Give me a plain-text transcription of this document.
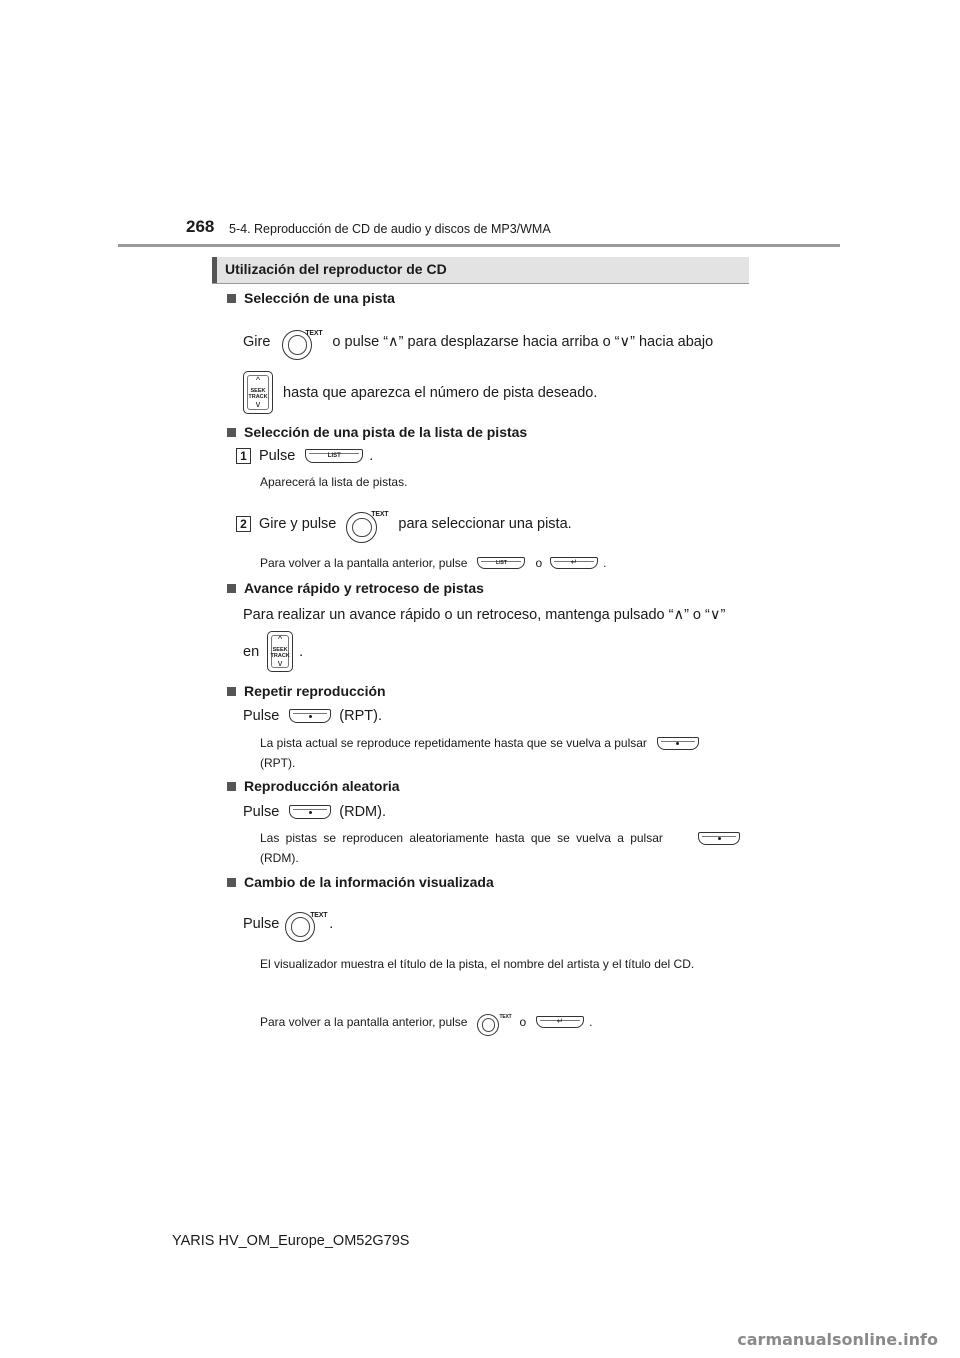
268 5-4. Reproducción de CD de audio y discos de MP3/WMA
Utilización del reproductor de CD
Selección de una pista
Gire
TEXT
o pulse “∧” para desplazarse hacia arriba o “∨” hacia abajo
^
SEEK
TRACK
v
hasta que aparezca el número de pista deseado.
Selección de una pista de la lista de pistas
1 Pulse	LIST	.
Aparecerá la lista de pistas.
2 Gire y pulse
TEXT
para seleccionar una pista.
Para volver a la pantalla anterior, pulse	LIST	o	↵	.
Avance rápido y retroceso de pistas
Para realizar un avance rápido o un retroceso, mantenga pulsado “∧” o “∨”
en
^
SEEK
TRACK
v
.
Repetir reproducción
Pulse	(RPT).
La pista actual se reproduce repetidamente hasta que se vuelva a pulsar
(RPT).
Reproducción aleatoria
Pulse	(RDM).
Las pistas se reproducen aleatoriamente hasta que se vuelva a pulsar
(RDM).
Cambio de la información visualizada
Pulse
TEXT
.
El visualizador muestra el título de la pista, el nombre del artista y el título del CD.
Para volver a la pantalla anterior, pulse	TEXT o	↵	.
YARIS HV_OM_Europe_OM52G79S
carmanualsonline.info
